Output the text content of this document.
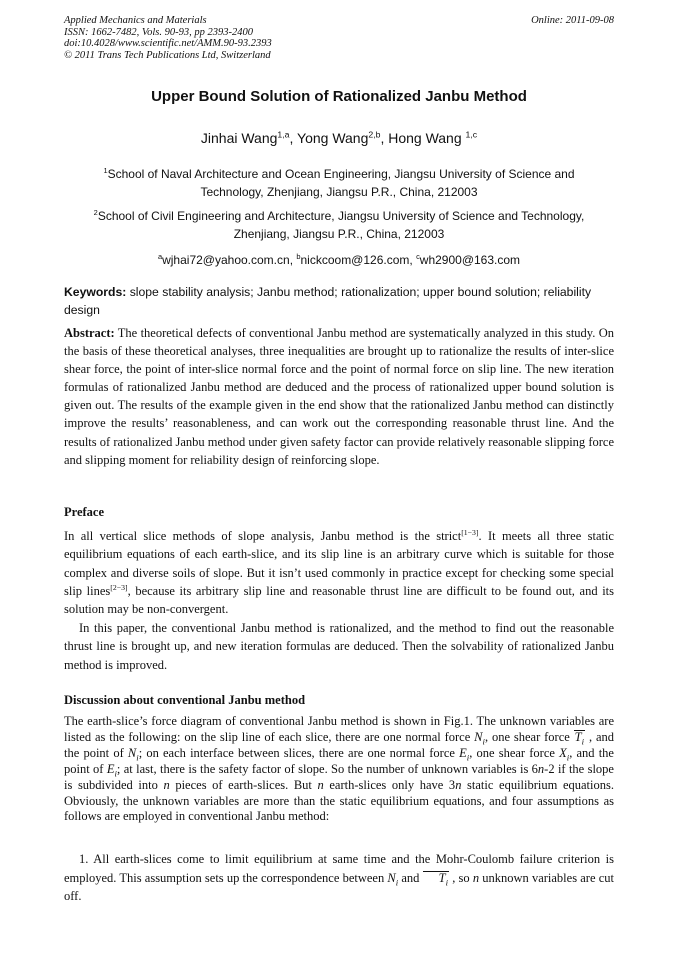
Applied Mechanics and Materials
ISSN: 1662-7482, Vols. 90-93, pp 2393-2400
doi:10.4028/www.scientific.net/AMM.90-93.2393
© 2011 Trans Tech Publications Ltd, Switzerland
Online: 2011-09-08
Upper Bound Solution of Rationalized Janbu Method
Jinhai Wang$^{1,a}$, Yong Wang$^{2,b}$, Hong Wang $^{1,c}$
$^1$School of Naval Architecture and Ocean Engineering, Jiangsu University of Science and
Technology, Zhenjiang, Jiangsu P.R., China, 212003
$^2$School of Civil Engineering and Architecture, Jiangsu University of Science and Technology,
Zhenjiang, Jiangsu P.R., China, 212003
$^a$wjhai72@yahoo.com.cn, $^b$nickcoom@126.com, $^c$wh2900@163.com
Keywords: slope stability analysis; Janbu method; rationalization; upper bound solution; reliability design
Abstract: The theoretical defects of conventional Janbu method are systematically analyzed in this study. On the basis of these theoretical analyses, three inequalities are brought up to rationalize the results of inter-slice shear force, the point of inter-slice normal force and the point of normal force on slip line. The new iteration formulas of rationalized Janbu method are deduced and the process of rationalized upper bound solution is given out. The results of the example given in the end show that the rationalized Janbu method can distinctly improve the results’ reasonableness, and can work out the corresponding reasonable thrust line. And the results of rationalized Janbu method under given safety factor can provide relatively reasonable slipping force and slipping moment for reliability design of reinforcing slope.
Preface
In all vertical slice methods of slope analysis, Janbu method is the strict[1−3]. It meets all three static equilibrium equations of each earth-slice, and its slip line is an arbitrary curve which is suitable for those complex and diverse soils of slope. But it isn’t used commonly in practice except for checking some special slip lines[2−3], because its arbitrary slip line and reasonable thrust line are difficult to be found out, and its solution may be non-convergent.
In this paper, the conventional Janbu method is rationalized, and the method to find out the reasonable thrust line is brought up, and new iteration formulas are deduced. Then the solvability of rationalized Janbu method is improved.
Discussion about conventional Janbu method
The earth-slice’s force diagram of conventional Janbu method is shown in Fig.1. The unknown variables are listed as the following: on the slip line of each slice, there are one normal force $N_i$, one shear force $T_i$ , and the point of $N_i$; on each interface between slices, there are one normal force $E_i$, one shear force $X_i$, and the point of $E_i$; at last, there is the safety factor of slope. So the number of unknown variables is 6n-2 if the slope is subdivided into n pieces of earth-slices. But n earth-slices only have 3n static equilibrium equations. Obviously, the unknown variables are more than the static equilibrium equations, and four assumptions as follows are employed in conventional Janbu method:
1. All earth-slices come to limit equilibrium at same time and the Mohr-Coulomb failure criterion is employed. This assumption sets up the correspondence between $N_i$ and $T_i$ , so n unknown variables are cut off.
